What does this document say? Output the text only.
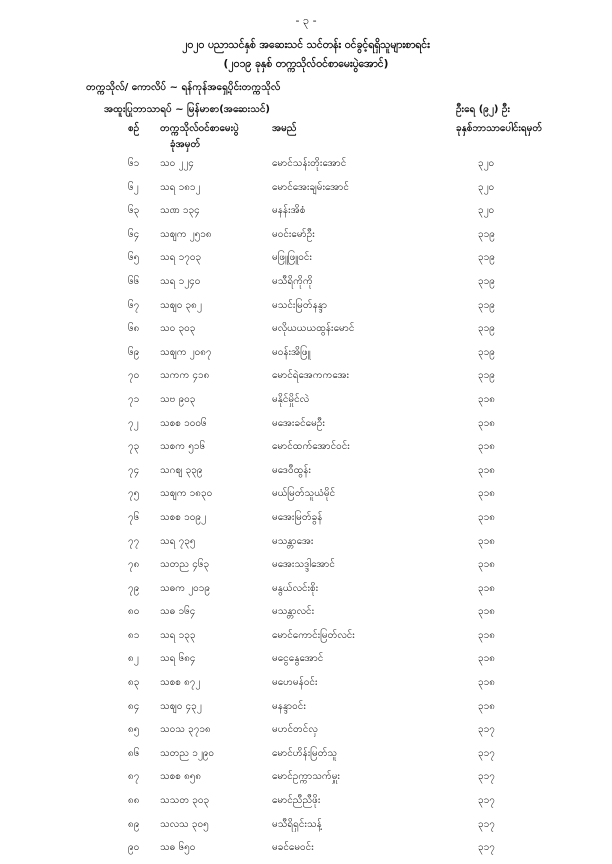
- ၃ -
၂၀၂၀ ပညာသင်နှစ် အဆေးသင် သင်တန်း ဝင်ခွင့်ရရှိသူများစာရင်း
(၂၀၁၉ ခုနှစ် တက္ကသိုလ်ဝင်စာမေးပွဲအောင်)
တက္ကသိုလ်/ ကောလိပ် ~ ရန်ကုန်အရှေ့ပိုင်းတက္ကသိုလ်
အထူးပြုဘာသာရပ် ~ မြန်မာစာ(အဆေးသင်)	ဦးရေ (၉၂) ဦး
စဉ် တက္ကသိုလ်ဝင်စာမေးပွဲ
ခုံအမှတ်
အမည်	ခုနှစ်ဘာသာပေါင်းရမှတ်
၆၁ သဝ ၂၂၄	မောင်သန်းတိုးအောင်	၃၂၀
၆၂ သရ ၁၈၁၂	မောင်အေးချမ်းအောင်	၃၂၀
၆၃ သဏ ၁၃၄	မနန်းအိစံ	၃၂၀
၆၄ သဈက ၂၅၁၈	မဝင်းမော်ဦး	၃၁၉
၆၅ သရ ၁၇၀၃	မဖြူဖြူဝင်း	၃၁၉
၆၆ သရ ၁၂၄၀	မသီရိကိုကို	၃၁၉
၆၇ သဈ၀ ၃၈၂	မသင်းမြတ်နန္ဒာ	၃၁၉
၆၈ သဝ ၃၀၃	မလိုယယယထွန်းမောင်	၃၁၉
၆၉ သဈက ၂၀၈၇	မဝန်းအိဖြူ	၃၁၉
၇၀ သကက ၄၁၈	မောင်ရဲအေကကအေး	၃၁၉
၇၁ သဗ ၉၀၃	မနိုင်မှိုင်လဲ	၃၁၈
၇၂ သစစ ၁၀၀၆	မအေးခင်မေဦး	၃၁၈
၇၃ သစက ၅၁၆	မောင်ထက်အောင်ဝင်း	၃၁၈
၇၄ သဂဈ ၃၃၉	မဒေဝီထွန်း	၃၁၈
၇၅ သဈက ၁၈၃၀	မယ်မြတ်သူယံမိုင်	၃၁၈
၇၆ သစစ ၁၀၉၂	မအေးမြတ်ခွန်	၃၁၈
၇၇ သရ ၇၃၅	မသန္တာအေး	၃၁၈
၇၈ သတည ၄၆၃	မအေးသဒ္ဒါအောင်	၃၁၈
၇၉ သဓက ၂၀၁၉	မနွယ်လင်းစိုး	၃၁၈
၈၀ သဓ ၁၆၄	မသန္တာလင်း	၃၁၈
၈၁ သရ ၁၃၃	မောင်ကောင်းမြတ်လင်း	၃၁၈
၈၂ သရ ၆၈၄	မငွေနွေအောင်	၃၁၈
၈၃ သစစ ၈၇၂	မဟေမန်ဝင်း	၃၁၈
၈၄ သဈ၀ ၄၃၂	မနန္ဒာဝင်း	၃၁၈
၈၅ သဝသ ၃၇၁၈	မဟင်တင်လှ	၃၁၇
၈၆ သတည ၁၂၉၀	မောင်ဟိန်းမြတ်သူ	၃၁၇
၈၇ သစစ ၈၅၈	မောင်ဥက္ကာသက်မှူး	၃၁၇
၈၈ သသတ ၃၀၃	မောင်ညီညီဖိုး	၃၁၇
၈၉ သလသ ၃၀၅	မသီရိရှင်းသန့်	၃၁၇
၉၀ သဓ ၆၅၀	မခင်မေဝင်း	၃၁၇
